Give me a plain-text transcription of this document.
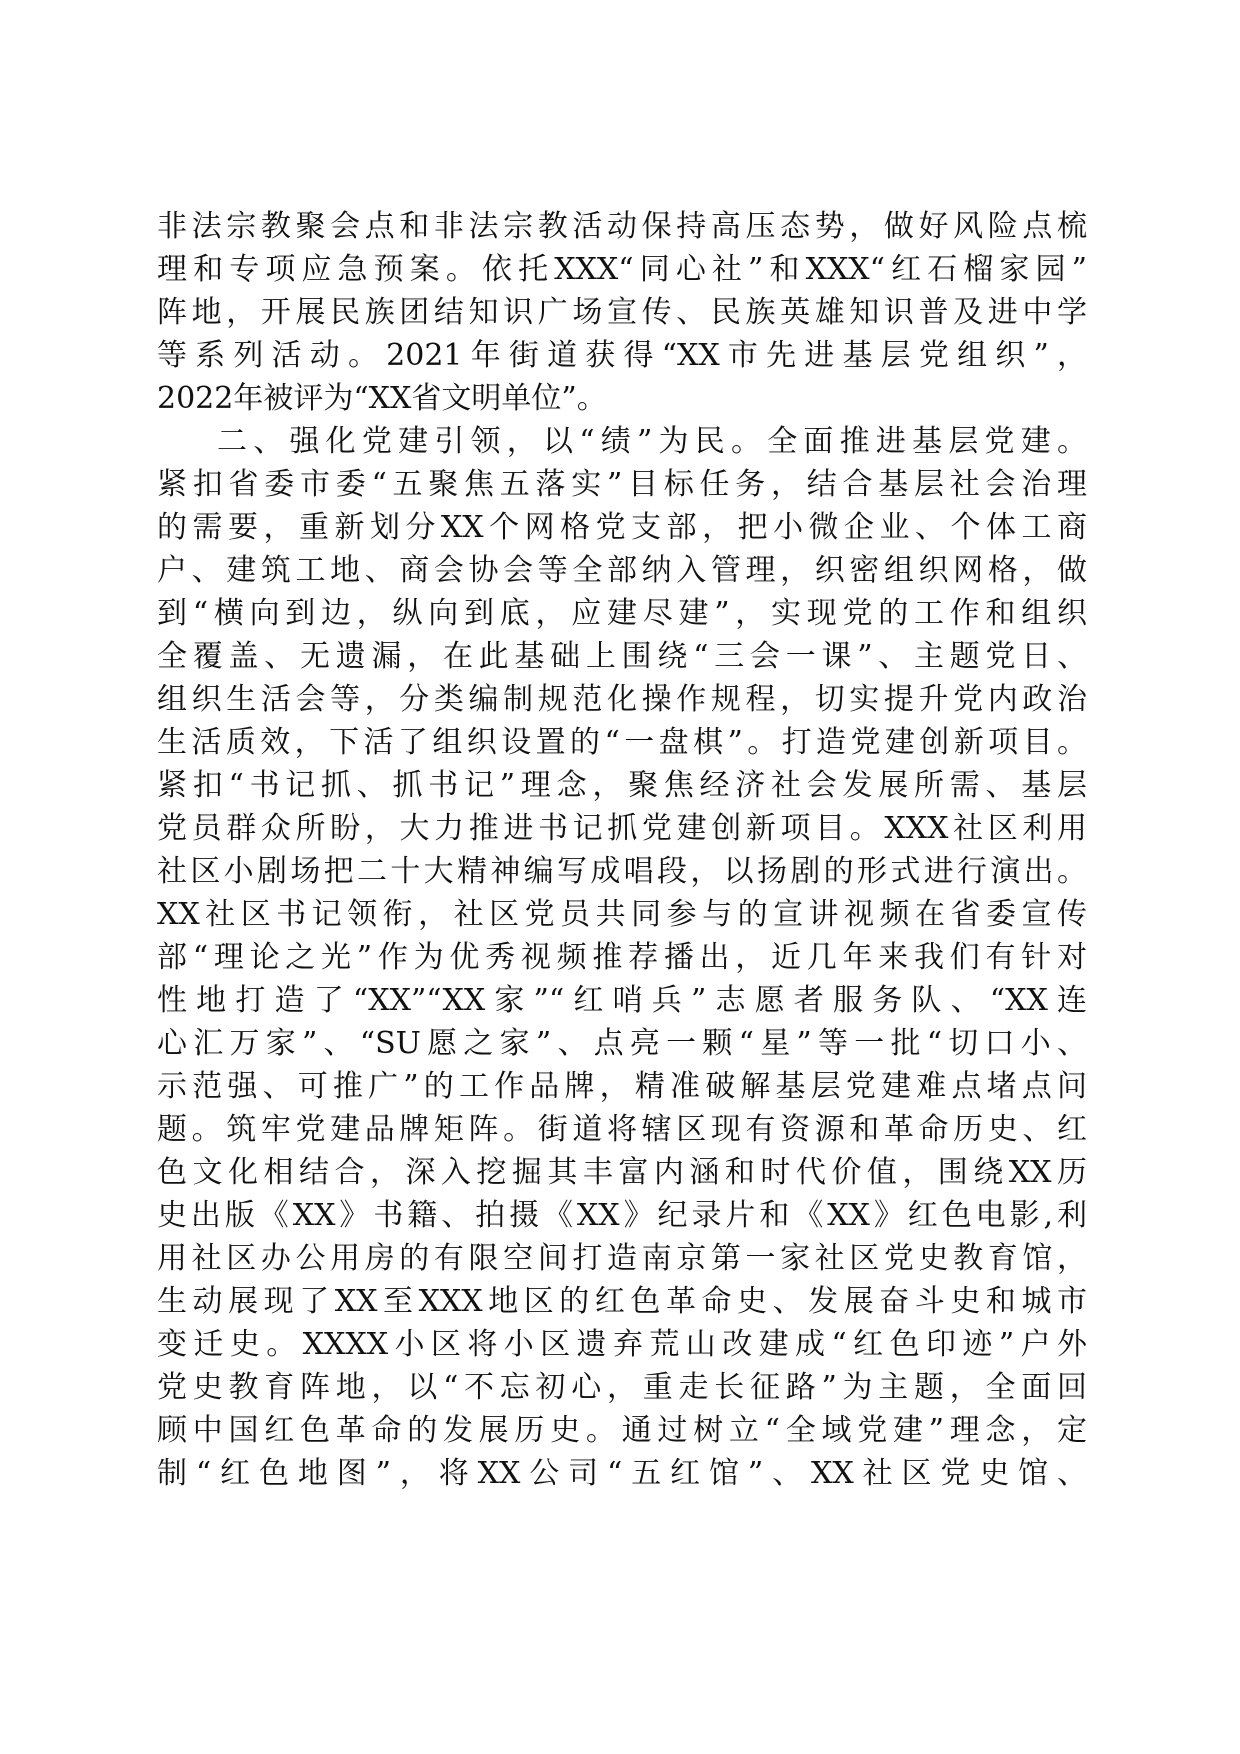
非法宗教聚会点和非法宗教活动保持高压态势，做好风险点梳
理和专项应急预案。依托XXX“同心社”和XXX“红石榴家园”
阵地，开展民族团结知识广场宣传、民族英雄知识普及进中学
等系列活动。2021年街道获得“XX市先进基层党组织”，
2022年被评为“XX省文明单位”。
二、强化党建引领，以“绩”为民。全面推进基层党建。
紧扣省委市委“五聚焦五落实”目标任务，结合基层社会治理
的需要，重新划分XX个网格党支部，把小微企业、个体工商
户、建筑工地、商会协会等全部纳入管理，织密组织网格，做
到“横向到边，纵向到底，应建尽建”，实现党的工作和组织
全覆盖、无遗漏，在此基础上围绕“三会一课”、主题党日、
组织生活会等，分类编制规范化操作规程，切实提升党内政治
生活质效，下活了组织设置的“一盘棋”。打造党建创新项目。
紧扣“书记抓、抓书记”理念，聚焦经济社会发展所需、基层
党员群众所盼，大力推进书记抓党建创新项目。XXX社区利用
社区小剧场把二十大精神编写成唱段，以扬剧的形式进行演出。
XX社区书记领衔，社区党员共同参与的宣讲视频在省委宣传
部“理论之光”作为优秀视频推荐播出，近几年来我们有针对
性地打造了“XX”“XX家”“红哨兵”志愿者服务队、“XX连
心汇万家”、“SU愿之家”、点亮一颗“星”等一批“切口小、
示范强、可推广”的工作品牌，精准破解基层党建难点堵点问
题。筑牢党建品牌矩阵。街道将辖区现有资源和革命历史、红
色文化相结合，深入挖掘其丰富内涵和时代价值，围绕XX历
史出版《XX》书籍、拍摄《XX》纪录片和《XX》红色电影,利
用社区办公用房的有限空间打造南京第一家社区党史教育馆，
生动展现了XX至XXX地区的红色革命史、发展奋斗史和城市
变迁史。XXXX小区将小区遗弃荒山改建成“红色印迹”户外
党史教育阵地，以“不忘初心，重走长征路”为主题，全面回
顾中国红色革命的发展历史。通过树立“全域党建”理念，定
制“红色地图”，将XX公司“五红馆”、XX社区党史馆、
